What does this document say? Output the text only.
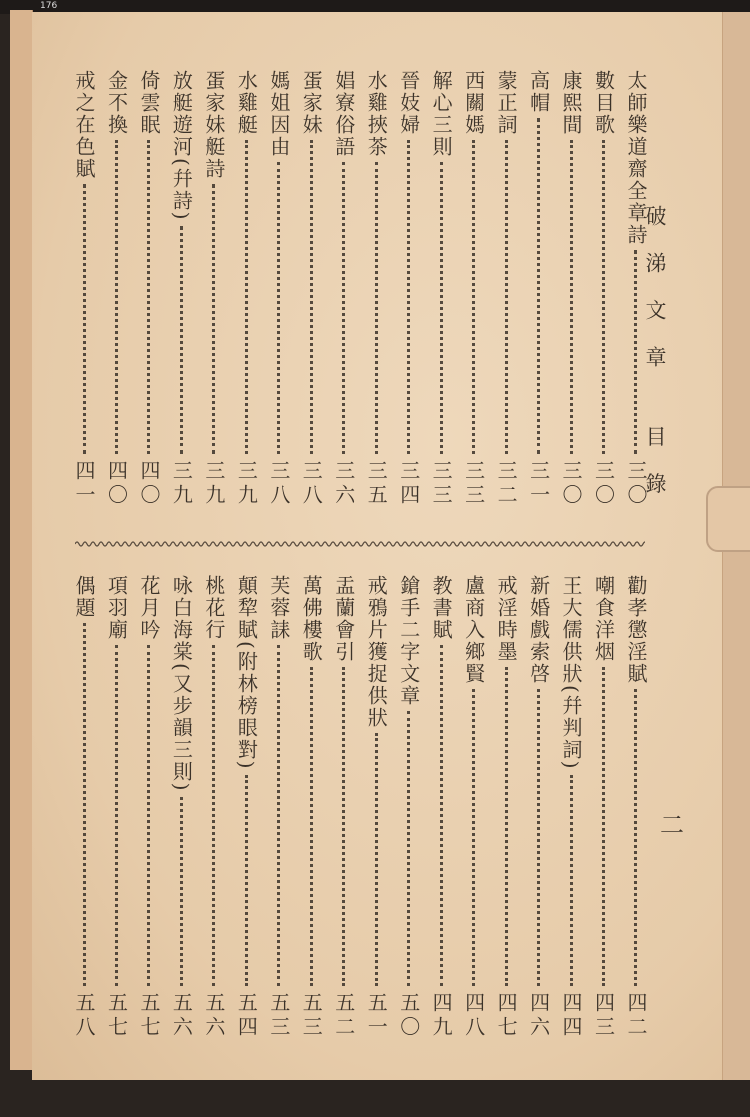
176
破涕文章 目錄
二
太師樂道齋全章詩
三〇
數目歌
三〇
康熙間
三〇
高帽
三一
蒙正詞
三二
西關媽
三三
解心三則
三三
晉妓婦
三四
水雞挾茶
三五
娼寮俗語
三六
蛋家妹
三八
媽姐因由
三八
水雞艇
三九
蛋家妹艇詩
三九
放艇遊河(幷詩)
三九
倚雲眠
四〇
金不換
四〇
戒之在色賦
四一
勸孝懲淫賦
四二
嘲食洋烟
四三
王大儒供狀(幷判詞)
四四
新婚戲索啓
四六
戒淫時墨
四七
盧商入鄉賢
四八
教書賦
四九
鎗手二字文章
五〇
戒鴉片獲捉供狀
五一
盂蘭會引
五二
萬佛樓歌
五三
芙蓉誄
五三
顛犂賦(附林榜眼對)
五四
桃花行
五六
咏白海棠(又步韻三則)
五六
花月吟
五七
項羽廟
五七
偶題
五八
